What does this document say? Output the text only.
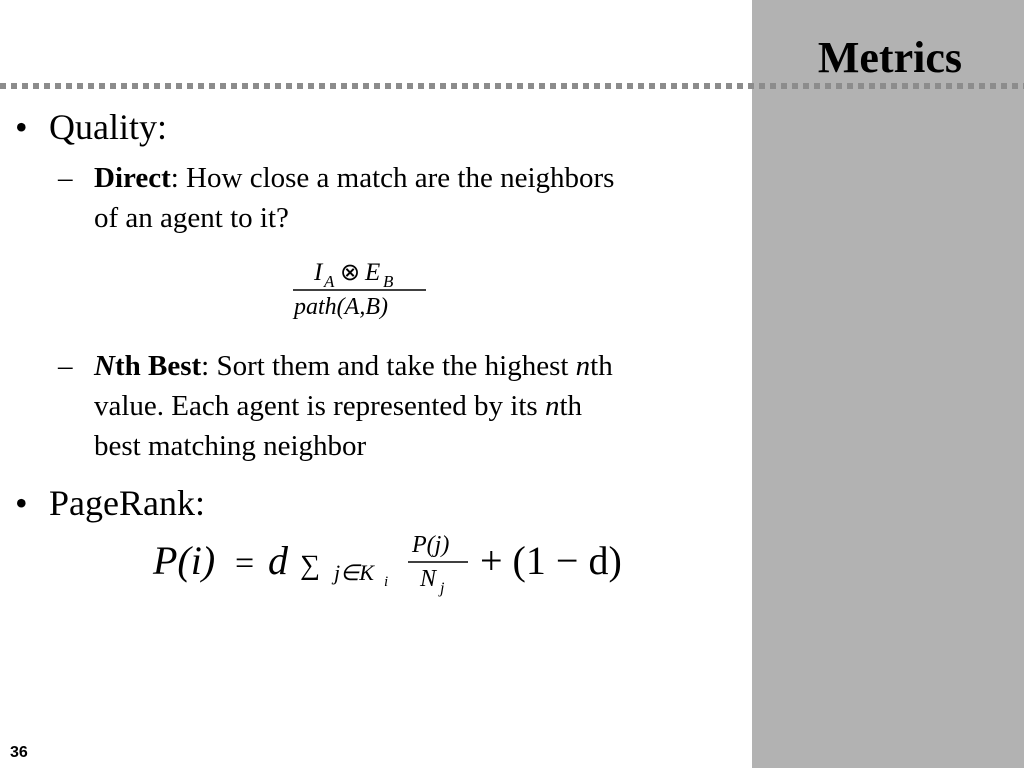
Metrics
• Quality:
– Direct: How close a match are the neighbors
of an agent to it?
I A ⊗ E B
path(A,B)
– Nth Best: Sort them and take the highest nth
value. Each agent is represented by its nth
best matching neighbor
• PageRank:
P(i) = d ∑ j∈K i
P(j)
N j
+ (1 − d)
36
